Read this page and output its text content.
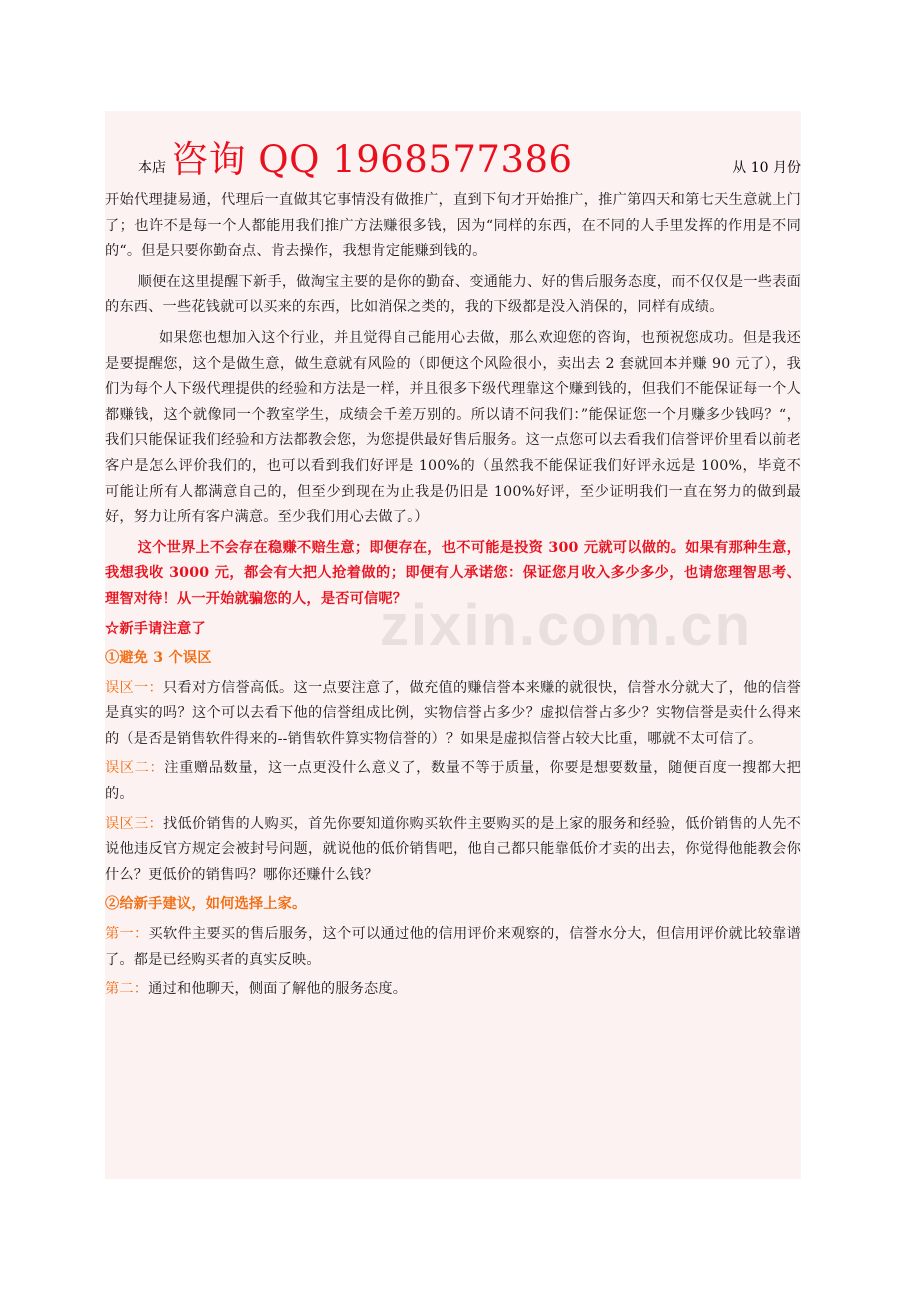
本店 咨询 QQ 1968577386	从 10 月份

开始代理捷易通，代理后一直做其它事情没有做推广，直到下旬才开始推广，推广第四天和第七天生意就上门了；也许不是每一个人都能用我们推广方法赚很多钱，因为“同样的东西，在不同的人手里发挥的作用是不同的“。但是只要你勤奋点、肯去操作，我想肯定能赚到钱的。

顺便在这里提醒下新手，做淘宝主要的是你的勤奋、变通能力、好的售后服务态度，而不仅仅是一些表面的东西、一些花钱就可以买来的东西，比如消保之类的，我的下级都是没入消保的，同样有成绩。

如果您也想加入这个行业，并且觉得自己能用心去做，那么欢迎您的咨询，也预祝您成功。但是我还是要提醒您，这个是做生意，做生意就有风险的（即便这个风险很小，卖出去 2 套就回本并赚 90 元了），我们为每个人下级代理提供的经验和方法是一样，并且很多下级代理靠这个赚到钱的，但我们不能保证每一个人都赚钱，这个就像同一个教室学生，成绩会千差万别的。所以请不问我们：”能保证您一个月赚多少钱吗？“，我们只能保证我们经验和方法都教会您，为您提供最好售后服务。这一点您可以去看我们信誉评价里看以前老客户是怎么评价我们的，也可以看到我们好评是 100%的（虽然我不能保证我们好评永远是 100%，毕竟不可能让所有人都满意自己的，但至少到现在为止我是仍旧是 100%好评，至少证明我们一直在努力的做到最好，努力让所有客户满意。至少我们用心去做了。）

这个世界上不会存在稳赚不赔生意；即便存在，也不可能是投资 300 元就可以做的。如果有那种生意，我想我收 3000 元，都会有大把人抢着做的；即便有人承诺您：保证您月收入多少多少，也请您理智思考、理智对待！从一开始就骗您的人，是否可信呢？

☆新手请注意了

①避免 3 个误区

误区一：只看对方信誉高低。这一点要注意了，做充值的赚信誉本来赚的就很快，信誉水分就大了，他的信誉是真实的吗？这个可以去看下他的信誉组成比例，实物信誉占多少？虚拟信誉占多少？实物信誉是卖什么得来的（是否是销售软件得来的--销售软件算实物信誉的）？如果是虚拟信誉占较大比重，哪就不太可信了。

误区二：注重赠品数量，这一点更没什么意义了，数量不等于质量，你要是想要数量，随便百度一搜都大把的。

误区三：找低价销售的人购买，首先你要知道你购买软件主要购买的是上家的服务和经验，低价销售的人先不说他违反官方规定会被封号问题，就说他的低价销售吧，他自己都只能靠低价才卖的出去，你觉得他能教会你什么？更低价的销售吗？哪你还赚什么钱？

②给新手建议，如何选择上家。

第一：买软件主要买的售后服务，这个可以通过他的信用评价来观察的，信誉水分大，但信用评价就比较靠谱了。都是已经购买者的真实反映。

第二：通过和他聊天，侧面了解他的服务态度。
